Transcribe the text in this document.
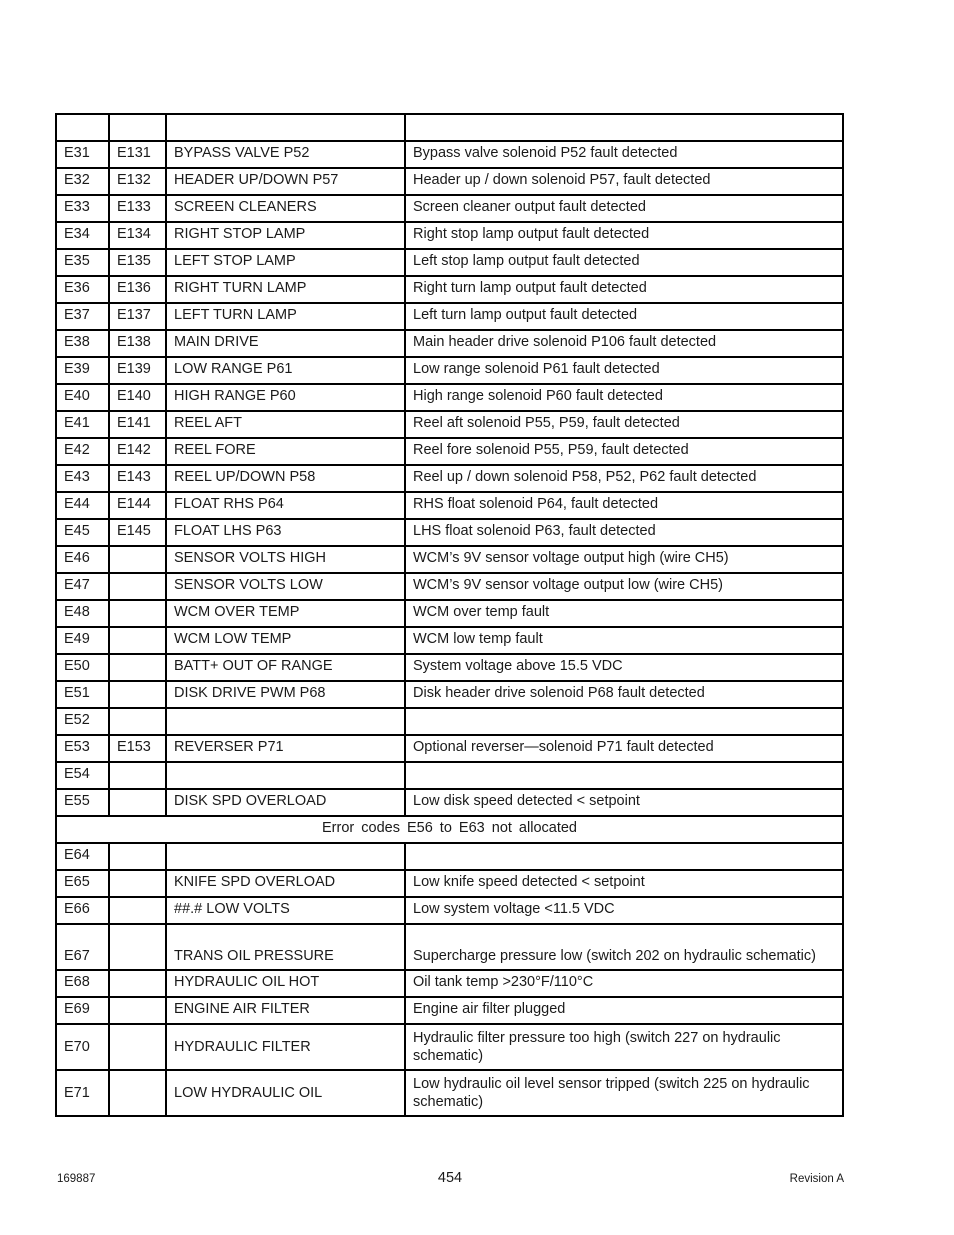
E31	E131	BYPASS VALVE P52	Bypass valve solenoid P52 fault detected
E32	E132	HEADER UP/DOWN P57	Header up / down solenoid P57, fault detected
E33	E133	SCREEN CLEANERS	Screen cleaner output fault detected
E34	E134	RIGHT STOP LAMP	Right stop lamp output fault detected
E35	E135	LEFT STOP LAMP	Left stop lamp output fault detected
E36	E136	RIGHT TURN LAMP	Right turn lamp output fault detected
E37	E137	LEFT TURN LAMP	Left turn lamp output fault detected
E38	E138	MAIN DRIVE	Main header drive solenoid P106 fault detected
E39	E139	LOW RANGE P61	Low range solenoid P61 fault detected
E40	E140	HIGH RANGE P60	High range solenoid P60 fault detected
E41	E141	REEL AFT	Reel aft solenoid P55, P59, fault detected
E42	E142	REEL FORE	Reel fore solenoid P55, P59, fault detected
E43	E143	REEL UP/DOWN P58	Reel up / down solenoid P58, P52, P62 fault detected
E44	E144	FLOAT RHS P64	RHS float solenoid P64, fault detected
E45	E145	FLOAT LHS P63	LHS float solenoid P63, fault detected
E46		SENSOR VOLTS HIGH	WCM’s 9V sensor voltage output high (wire CH5)
E47		SENSOR VOLTS LOW	WCM’s 9V sensor voltage output low (wire CH5)
E48		WCM OVER TEMP	WCM over temp fault
E49		WCM LOW TEMP	WCM low temp fault
E50		BATT+ OUT OF RANGE	System voltage above 15.5 VDC
E51		DISK DRIVE PWM P68	Disk header drive solenoid P68 fault detected
E52			
E53	E153	REVERSER P71	Optional reverser—solenoid P71 fault detected
E54			
E55		DISK SPD OVERLOAD	Low disk speed detected < setpoint
Error codes E56 to E63 not allocated			
E64			
E65		KNIFE SPD OVERLOAD	Low knife speed detected < setpoint
E66		##.# LOW VOLTS	Low system voltage <11.5 VDC
E67		TRANS OIL PRESSURE	Supercharge pressure low (switch 202 on hydraulic schematic)
E68		HYDRAULIC OIL HOT	Oil tank temp >230°F/110°C
E69		ENGINE AIR FILTER	Engine air filter plugged
E70		HYDRAULIC FILTER	Hydraulic filter pressure too high (switch 227 on hydraulic schematic)
E71		LOW HYDRAULIC OIL	Low hydraulic oil level sensor tripped (switch 225 on hydraulic schematic)
169887	454	Revision A
